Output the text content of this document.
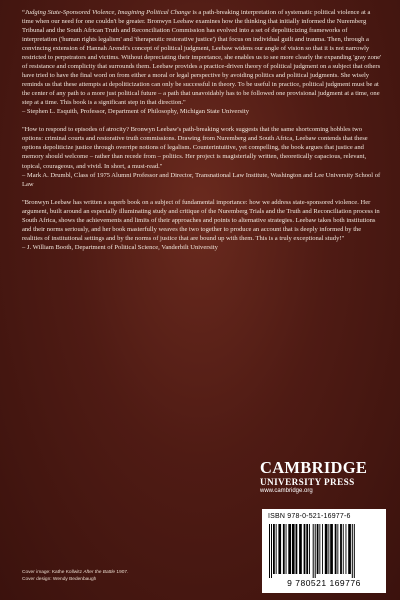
“Judging State-Sponsored Violence, Imagining Political Change is a path-breaking interpretation of systematic political violence at a time when our need for one couldn't be greater. Bronwyn Leebaw examines how the thinking that initially informed the Nuremberg Tribunal and the South African Truth and Reconciliation Commission has evolved into a set of depoliticizing frameworks of interpretation ('human rights legalism' and 'therapeutic restorative justice') that focus on individual guilt and trauma. Then, through a convincing extension of Hannah Arendt's concept of political judgment, Leebaw widens our angle of vision so that it is not narrowly restricted to perpetrators and victims. Without depreciating their importance, she enables us to see more clearly the expanding 'gray zone' of resistance and complicity that surrounds them. Leebaw provides a practice-driven theory of political judgment on a subject that others have tried to have the final word on from either a moral or legal perspective by avoiding politics and political judgments. She wisely reminds us that these attempts at depoliticization can only be successful in theory. To be useful in practice, political judgment must be at the center of any path to a more just political future – a path that unavoidably has to be followed one provisional judgment at a time, one step at a time. This book is a significant step in that direction."

– Stephen L. Esquith, Professor, Department of Philosophy, Michigan State University

"How to respond to episodes of atrocity? Bronwyn Leebaw's path-breaking work suggests that the same shortcoming hobbles two options: criminal courts and restorative truth commissions. Drawing from Nuremberg and South Africa, Leebaw contends that these options depoliticize justice through overripe notions of legalism. Counterintuitive, yet compelling, the book argues that justice and memory should welcome – rather than recede from – politics. Her project is magisterially written, theoretically capacious, relevant, topical, courageous, and vivid. In short, a must-read."

– Mark A. Drumbl, Class of 1975 Alumni Professor and Director, Transnational Law Institute, Washington and Lee University School of Law

"Bronwyn Leebaw has written a superb book on a subject of fundamental importance: how we address state-sponsored violence. Her argument, built around an especially illuminating study and critique of the Nuremberg Trials and the Truth and Reconciliation process in South Africa, shows the achievements and limits of their approaches and points to alternative strategies. Leebaw takes both institutions and their norms seriously, and her book masterfully weaves the two together to produce an account that is deeply informed by the realities of institutional settings and by the norms of justice that are bound up with them. This is a truly exceptional study!"

– J. William Booth, Department of Political Science, Vanderbilt University

CAMBRIDGE
UNIVERSITY PRESS
www.cambridge.org
ISBN 978-0-521-16977-6
9 780521 169776
Cover image: Kathe Kollwitz After the Battle 1907.
Cover design: Wendy Bedenbaugh
